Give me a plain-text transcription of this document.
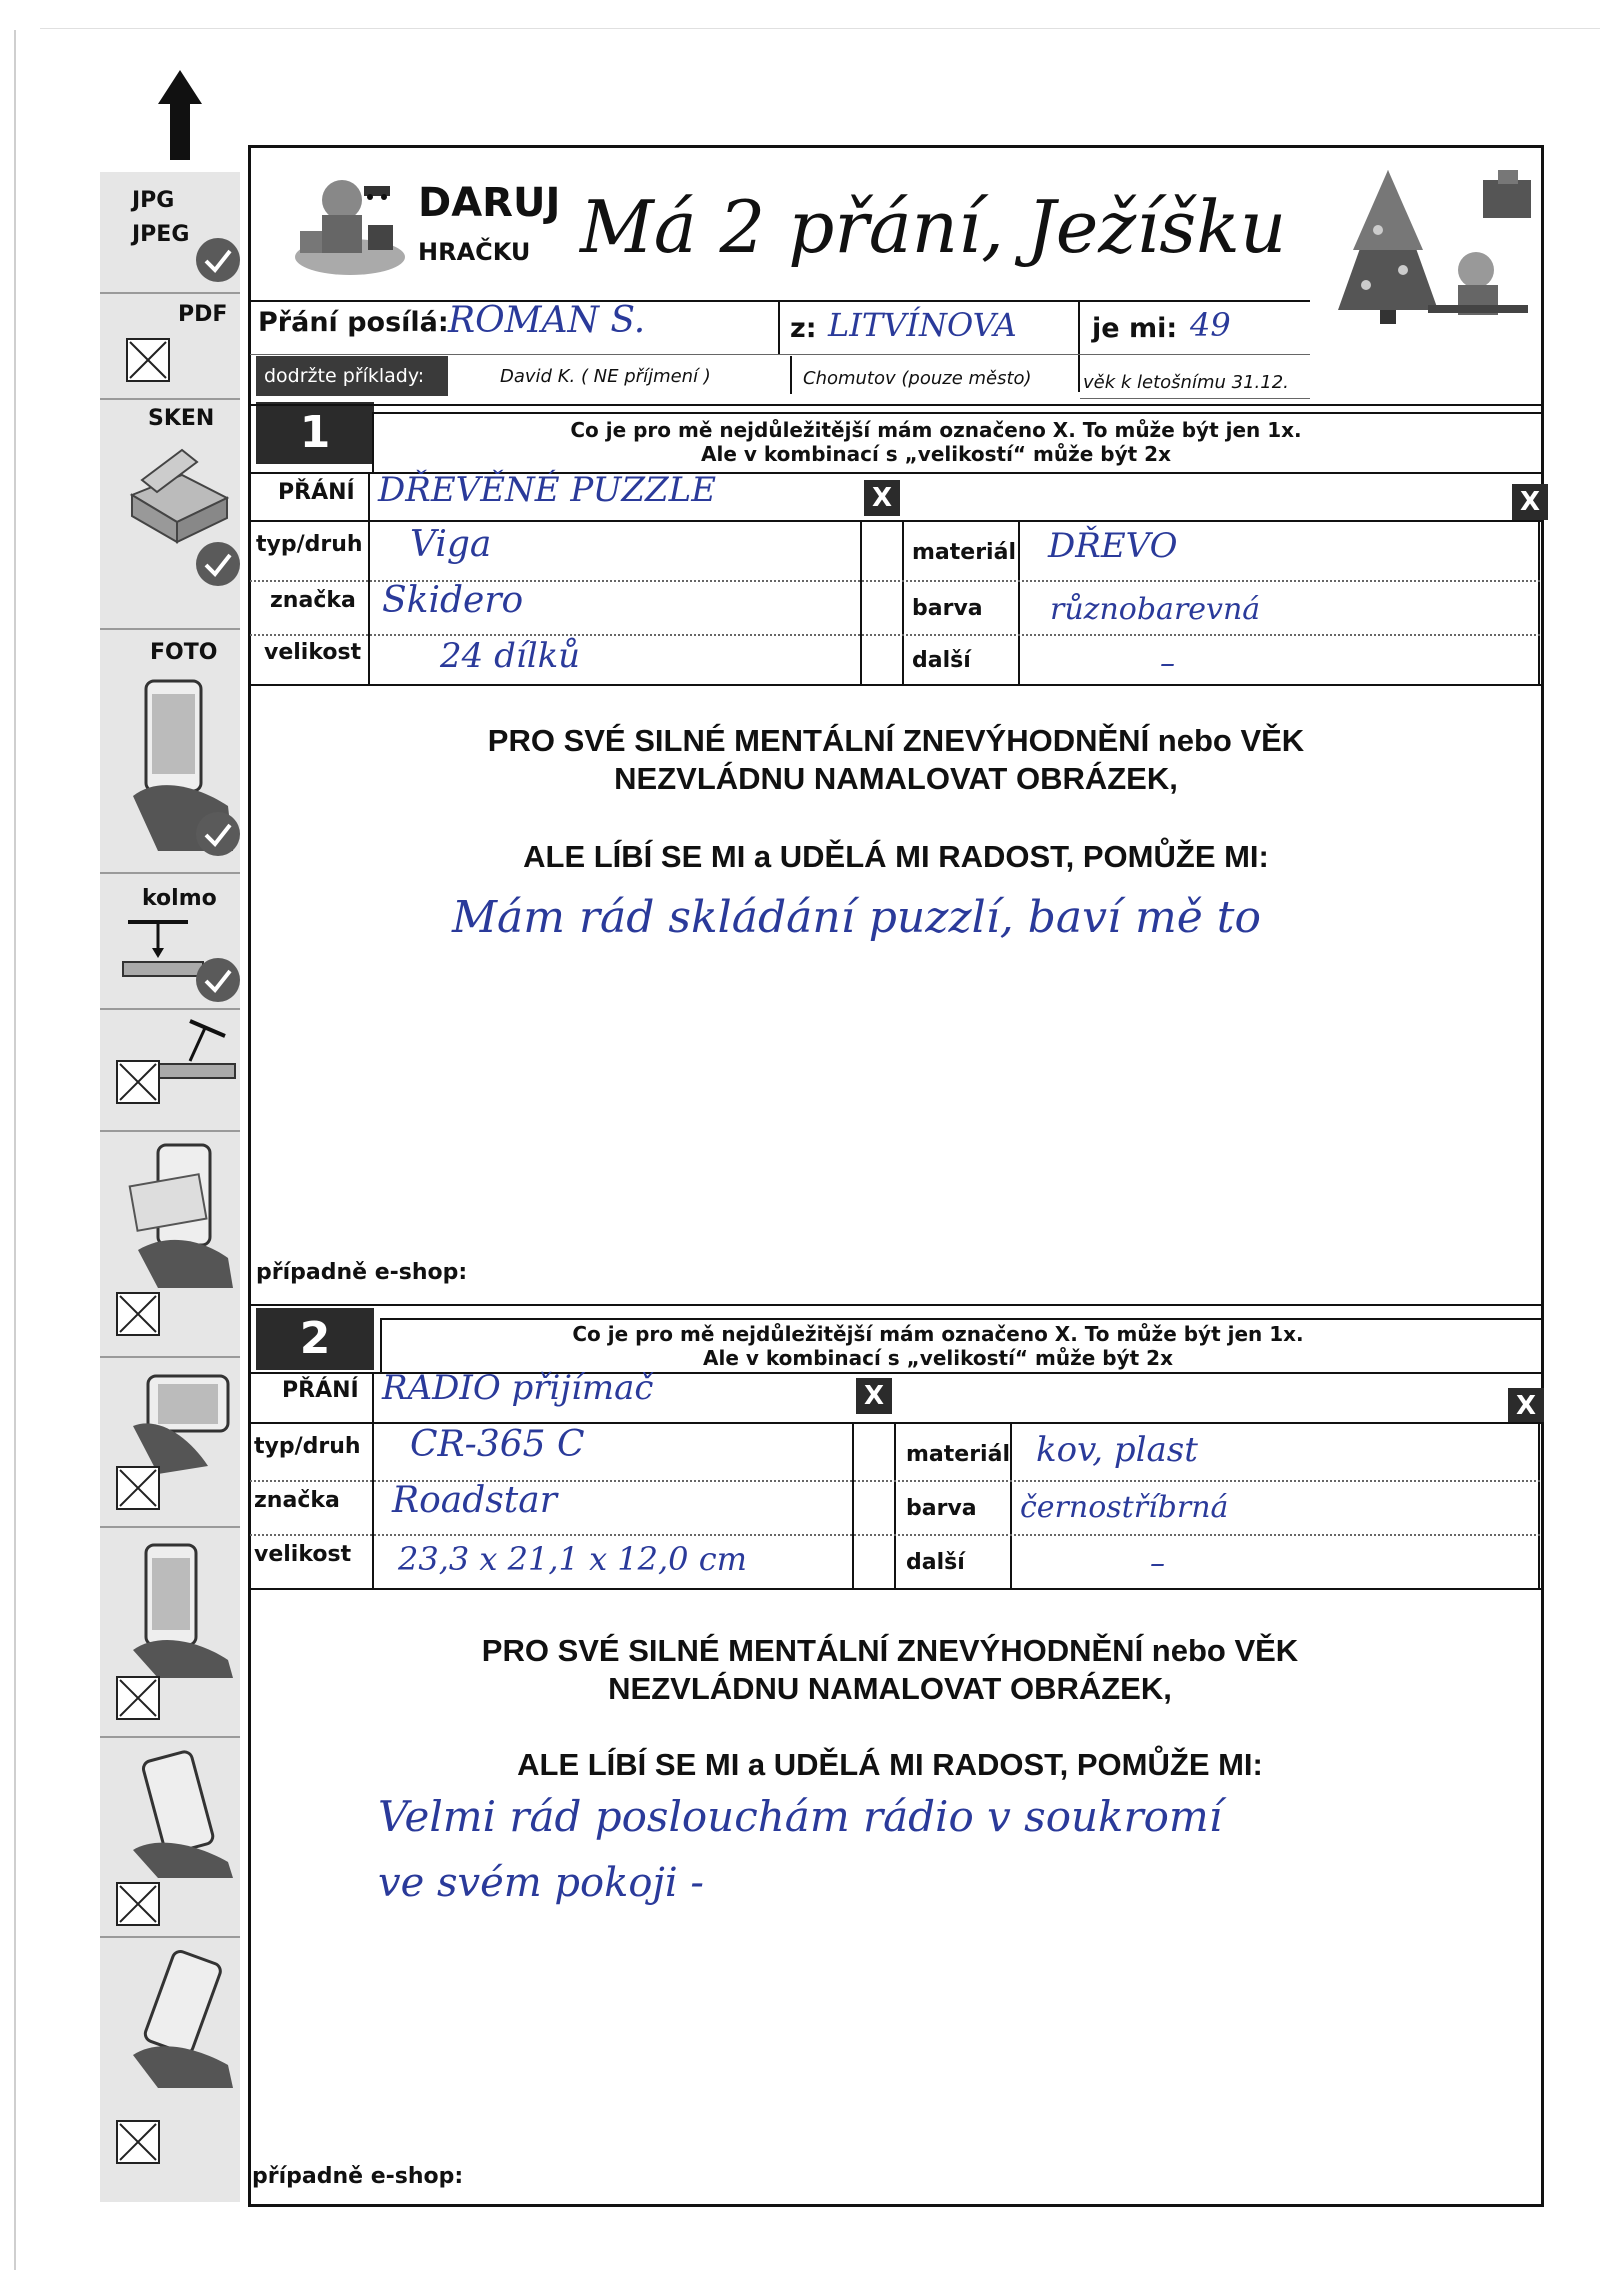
JPG
JPEG
PDF
SKEN
FOTO
kolmo
DARUJ
HRAČKU Má 2 přání, Ježíšku
Přání posílá: ROMAN S.	z: LITVÍNOVA	je mi: 49
dodržte příklady:	David K. ( NE příjmení )	Chomutov (pouze město)	věk k letošnímu 31.12.
1	Co je pro mě nejdůležitější mám označeno X. To může být jen 1x.
Ale v kombinací s „velikostí“ může být 2x
PŘÁNÍ DŘEVĚNÉ PUZZLE	X	X
typ/druh Viga	materiál DŘEVO
značka Skidero	barva různobarevná
velikost 24 dílků	další	–
PRO SVÉ SILNÉ MENTÁLNÍ ZNEVÝHODNĚNÍ nebo VĚK
NEZVLÁDNU NAMALOVAT OBRÁZEK,
ALE LÍBÍ SE MI a UDĚLÁ MI RADOST, POMŮŽE MI:
Mám rád skládání puzzlí, baví mě to
případně e-shop:
2	Co je pro mě nejdůležitější mám označeno X. To může být jen 1x.
Ale v kombinací s „velikostí“ může být 2x
PŘÁNÍ RADIO přijímač	X	X
typ/druh CR-365 C	materiál kov, plast
značka Roadstar	barva černostříbrná
velikost 23,3 x 21,1 x 12,0 cm	další	–
PRO SVÉ SILNÉ MENTÁLNÍ ZNEVÝHODNĚNÍ nebo VĚK
NEZVLÁDNU NAMALOVAT OBRÁZEK,
ALE LÍBÍ SE MI a UDĚLÁ MI RADOST, POMŮŽE MI:
Velmi rád poslouchám rádio v soukromí
ve svém pokoji -
případně e-shop:
